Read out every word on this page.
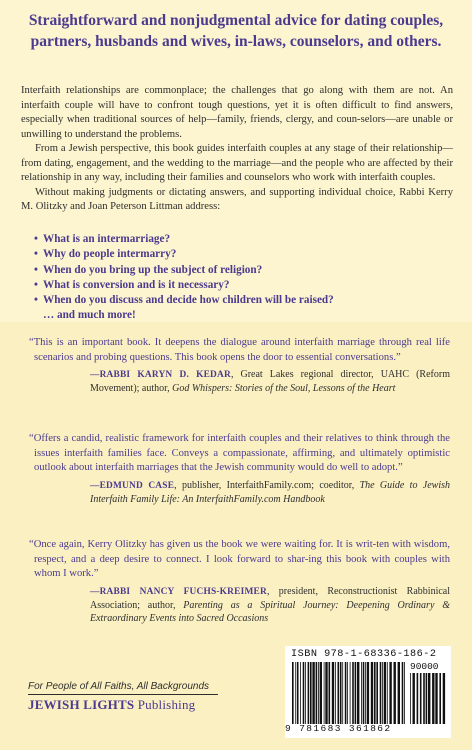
Straightforward and nonjudgmental advice for dating couples, partners, husbands and wives, in-laws, counselors, and others.

Interfaith relationships are commonplace; the challenges that go along with them are not. An interfaith couple will have to confront tough questions, yet it is often difficult to find answers, especially when traditional sources of help—family, friends, clergy, and coun-selors—are unable or unwilling to understand the problems.

From a Jewish perspective, this book guides interfaith couples at any stage of their relationship—from dating, engagement, and the wedding to the marriage—and the people who are affected by their relationship in any way, including their families and counselors who work with interfaith couples.

Without making judgments or dictating answers, and supporting individual choice, Rabbi Kerry M. Olitzky and Joan Peterson Littman address:

• What is an intermarriage?
• Why do people intermarry?
• When do you bring up the subject of religion?
• What is conversion and is it necessary?
• When do you discuss and decide how children will be raised?
… and much more!

“This is an important book. It deepens the dialogue around interfaith marriage through real life scenarios and probing questions. This book opens the door to essential conversations.”

—RABBI KARYN D. KEDAR, Great Lakes regional director, UAHC (Reform Movement); author, God Whispers: Stories of the Soul, Lessons of the Heart

“Offers a candid, realistic framework for interfaith couples and their relatives to think through the issues interfaith families face. Conveys a compassionate, affirming, and ultimately optimistic outlook about interfaith marriages that the Jewish community would do well to adopt.”

—EDMUND CASE, publisher, InterfaithFamily.com; coeditor, The Guide to Jewish Interfaith Family Life: An InterfaithFamily.com Handbook

“Once again, Kerry Olitzky has given us the book we were waiting for. It is writ-ten with wisdom, respect, and a deep desire to connect. I look forward to shar-ing this book with couples with whom I work.”

—RABBI NANCY FUCHS-KREIMER, president, Reconstructionist Rabbinical Association; author, Parenting as a Spiritual Journey: Deepening Ordinary & Extraordinary Events into Sacred Occasions
For People of All Faiths, All Backgrounds
JEWISH LIGHTS Publishing
ISBN 978-1-68336-186-2
90000
9 781683 361862
